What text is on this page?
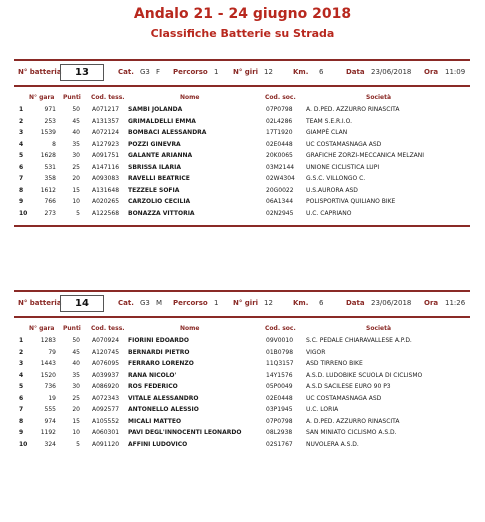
Andalo 21 - 24 giugno 2018
Classifiche Batterie su Strada
N° batteria	13	Cat. G3 F Percorso 1 N° giri 12	Km. 6	Data 23/06/2018 Ora 11:09
N° gara Punti Cod. tess.	Nome	Cod. soc.	Società
1	971	50 A071217	SAMBI JOLANDA	07P0798	A. D.PED. AZZURRO RINASCITA
2	253	45 A131357	GRIMALDELLI EMMA	02L4286	TEAM S.E.R.I.O.
3	1539	40 A072124	BOMBACI ALESSANDRA	17T1920	GIAMPÈ CLAN
4	8	35 A127923	POZZI GINEVRA	02E0448	UC COSTAMASNAGA ASD
5	1628	30 A091751	GALANTE ARIANNA	20K0065	GRAFICHE ZORZI-MECCANICA MELZANI
6	531	25 A147116	SBRISSA ILARIA	03M2144	UNIONE CICLISTICA LUPI
7	358	20 A093083	RAVELLI BEATRICE	02W4304	G.S.C. VILLONGO C.
8	1612	15 A131648	TEZZELE SOFIA	20G0022	U.S.AURORA ASD
9	766	10 A020265	CARZOLIO CECILIA	06A1344	POLISPORTIVA QUILIANO BIKE
10	273	5 A122568	BONAZZA VITTORIA	02N2945	U.C. CAPRIANO
N° batteria	14	Cat. G3 M Percorso 1 N° giri 12	Km. 6	Data 23/06/2018 Ora 11:26
N° gara Punti Cod. tess.	Nome	Cod. soc.	Società
1	1283	50 A070924	FIORINI EDOARDO	09V0010	S.C. PEDALE CHIARAVALLESE A.P.D.
2	79	45 A120745	BERNARDI PIETRO	01B0798	VIGOR
3	1443	40 A076095	FERRARO LORENZO	11Q3157	ASD TIRRENO BIKE
4	1520	35 A039937	RANA NICOLO'	14Y1576	A.S.D. LUDOBIKE SCUOLA DI CICLISMO
5	736	30 A086920	ROS FEDERICO	05P0049	A.S.D SACILESE EURO 90 P3
6	19	25 A072343	VITALE ALESSANDRO	02E0448	UC COSTAMASNAGA ASD
7	555	20 A092577	ANTONELLO ALESSIO	03P1945	U.C. LORIA
8	974	15 A105552	MICALI MATTEO	07P0798	A. D.PED. AZZURRO RINASCITA
9	1192	10 A060301	PAVI DEGL'INNOCENTI LEONARDO	08L2938	SAN MINIATO CICLISMO A.S.D.
10	324	5 A091120	AFFINI LUDOVICO	02S1767	NUVOLERA A.S.D.
